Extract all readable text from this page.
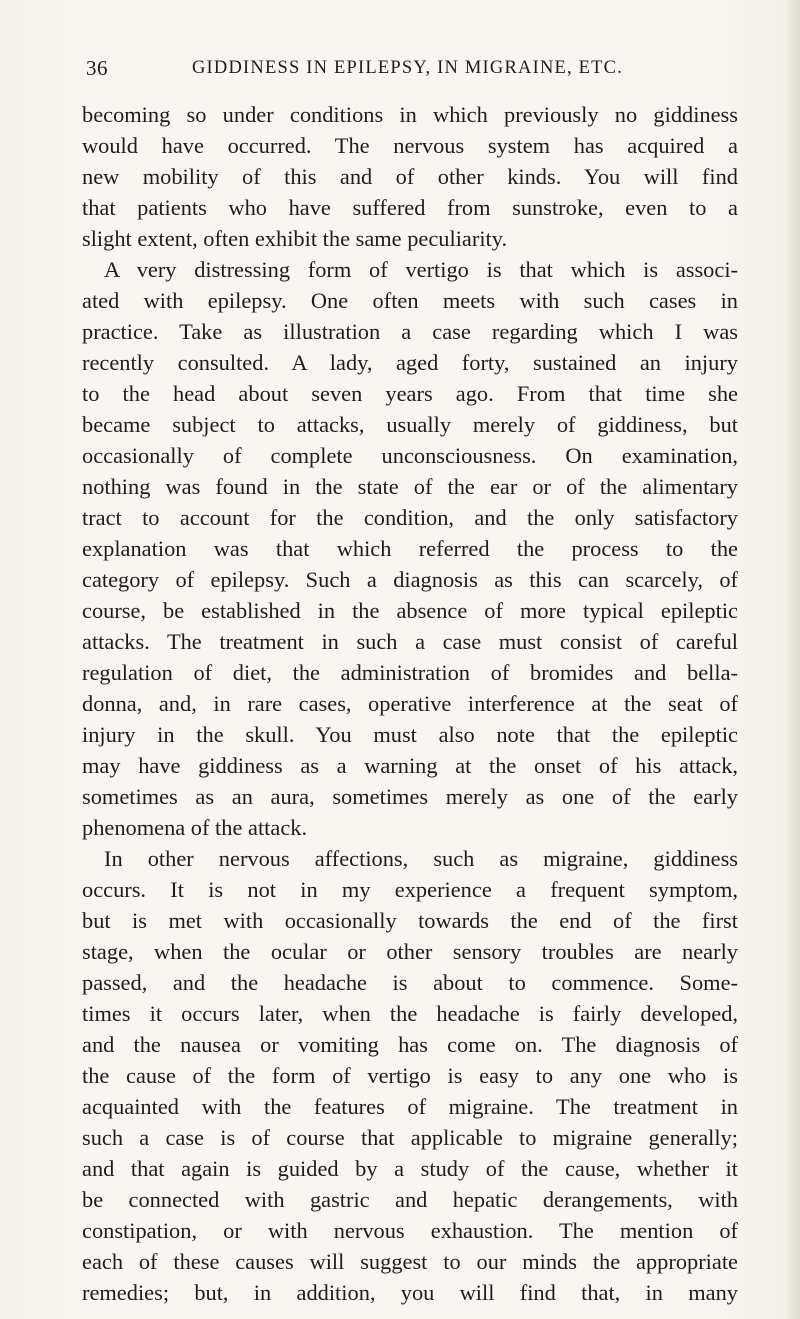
36	GIDDINESS IN EPILEPSY, IN MIGRAINE, ETC.
becoming so under conditions in which previously no giddiness
would have occurred. The nervous system has acquired a
new mobility of this and of other kinds. You will find
that patients who have suffered from sunstroke, even to a
slight extent, often exhibit the same peculiarity.
A very distressing form of vertigo is that which is associ-
ated with epilepsy. One often meets with such cases in
practice. Take as illustration a case regarding which I was
recently consulted. A lady, aged forty, sustained an injury
to the head about seven years ago. From that time she
became subject to attacks, usually merely of giddiness, but
occasionally of complete unconsciousness. On examination,
nothing was found in the state of the ear or of the alimentary
tract to account for the condition, and the only satisfactory
explanation was that which referred the process to the
category of epilepsy. Such a diagnosis as this can scarcely, of
course, be established in the absence of more typical epileptic
attacks. The treatment in such a case must consist of careful
regulation of diet, the administration of bromides and bella-
donna, and, in rare cases, operative interference at the seat of
injury in the skull. You must also note that the epileptic
may have giddiness as a warning at the onset of his attack,
sometimes as an aura, sometimes merely as one of the early
phenomena of the attack.
In other nervous affections, such as migraine, giddiness
occurs. It is not in my experience a frequent symptom,
but is met with occasionally towards the end of the first
stage, when the ocular or other sensory troubles are nearly
passed, and the headache is about to commence. Some-
times it occurs later, when the headache is fairly developed,
and the nausea or vomiting has come on. The diagnosis of
the cause of the form of vertigo is easy to any one who is
acquainted with the features of migraine. The treatment in
such a case is of course that applicable to migraine generally;
and that again is guided by a study of the cause, whether it
be connected with gastric and hepatic derangements, with
constipation, or with nervous exhaustion. The mention of
each of these causes will suggest to our minds the appropriate
remedies; but, in addition, you will find that, in many
